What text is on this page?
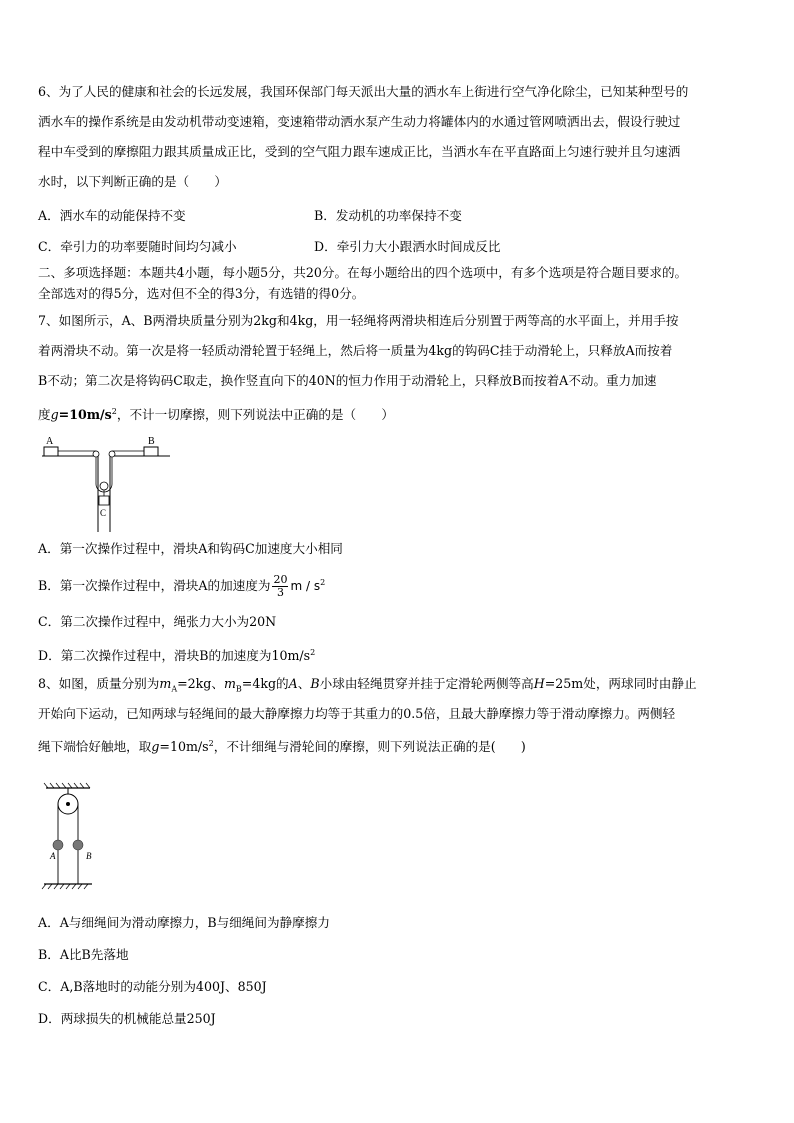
6、为了人民的健康和社会的长远发展，我国环保部门每天派出大量的洒水车上街进行空气净化除尘，已知某种型号的
洒水车的操作系统是由发动机带动变速箱，变速箱带动洒水泵产生动力将罐体内的水通过管网喷洒出去，假设行驶过
程中车受到的摩擦阻力跟其质量成正比，受到的空气阻力跟车速成正比，当洒水车在平直路面上匀速行驶并且匀速洒
水时，以下判断正确的是（　　）
A．洒水车的动能保持不变	B．发动机的功率保持不变
C．牵引力的功率要随时间均匀减小	D．牵引力大小跟洒水时间成反比
二、多项选择题：本题共4小题，每小题5分，共20分。在每小题给出的四个选项中，有多个选项是符合题目要求的。
全部选对的得5分，选对但不全的得3分，有选错的得0分。
7、如图所示，A、B两滑块质量分别为2kg和4kg，用一轻绳将两滑块相连后分别置于两等高的水平面上，并用手按
着两滑块不动。第一次是将一轻质动滑轮置于轻绳上，然后将一质量为4kg的钩码C挂于动滑轮上，只释放A而按着
B不动；第二次是将钩码C取走，换作竖直向下的40N的恒力作用于动滑轮上，只释放B而按着A不动。重力加速
度$g=10m/s^2$，不计一切摩擦，则下列说法中正确的是（　　）
A	B
C
A．第一次操作过程中，滑块A和钩码C加速度大小相同
B．第一次操作过程中，滑块A的加速度为 $\frac{20}{3}$ m / $s^2$
C．第二次操作过程中，绳张力大小为20N
D．第二次操作过程中，滑块B的加速度为$10m/s^2$
8、如图，质量分别为$m_A=2kg$、$m_B=4kg$的A、B小球由轻绳贯穿并挂于定滑轮两侧等高H=25m处，两球同时由静止
开始向下运动，已知两球与轻绳间的最大静摩擦力均等于其重力的0.5倍，且最大静摩擦力等于滑动摩擦力。两侧轻
绳下端恰好触地，取$g=10m/s^2$，不计细绳与滑轮间的摩擦，则下列说法正确的是(　　)
A	B
A．A与细绳间为滑动摩擦力，B与细绳间为静摩擦力
B．A比B先落地
C．A,B落地时的动能分别为400J、850J
D．两球损失的机械能总量250J
